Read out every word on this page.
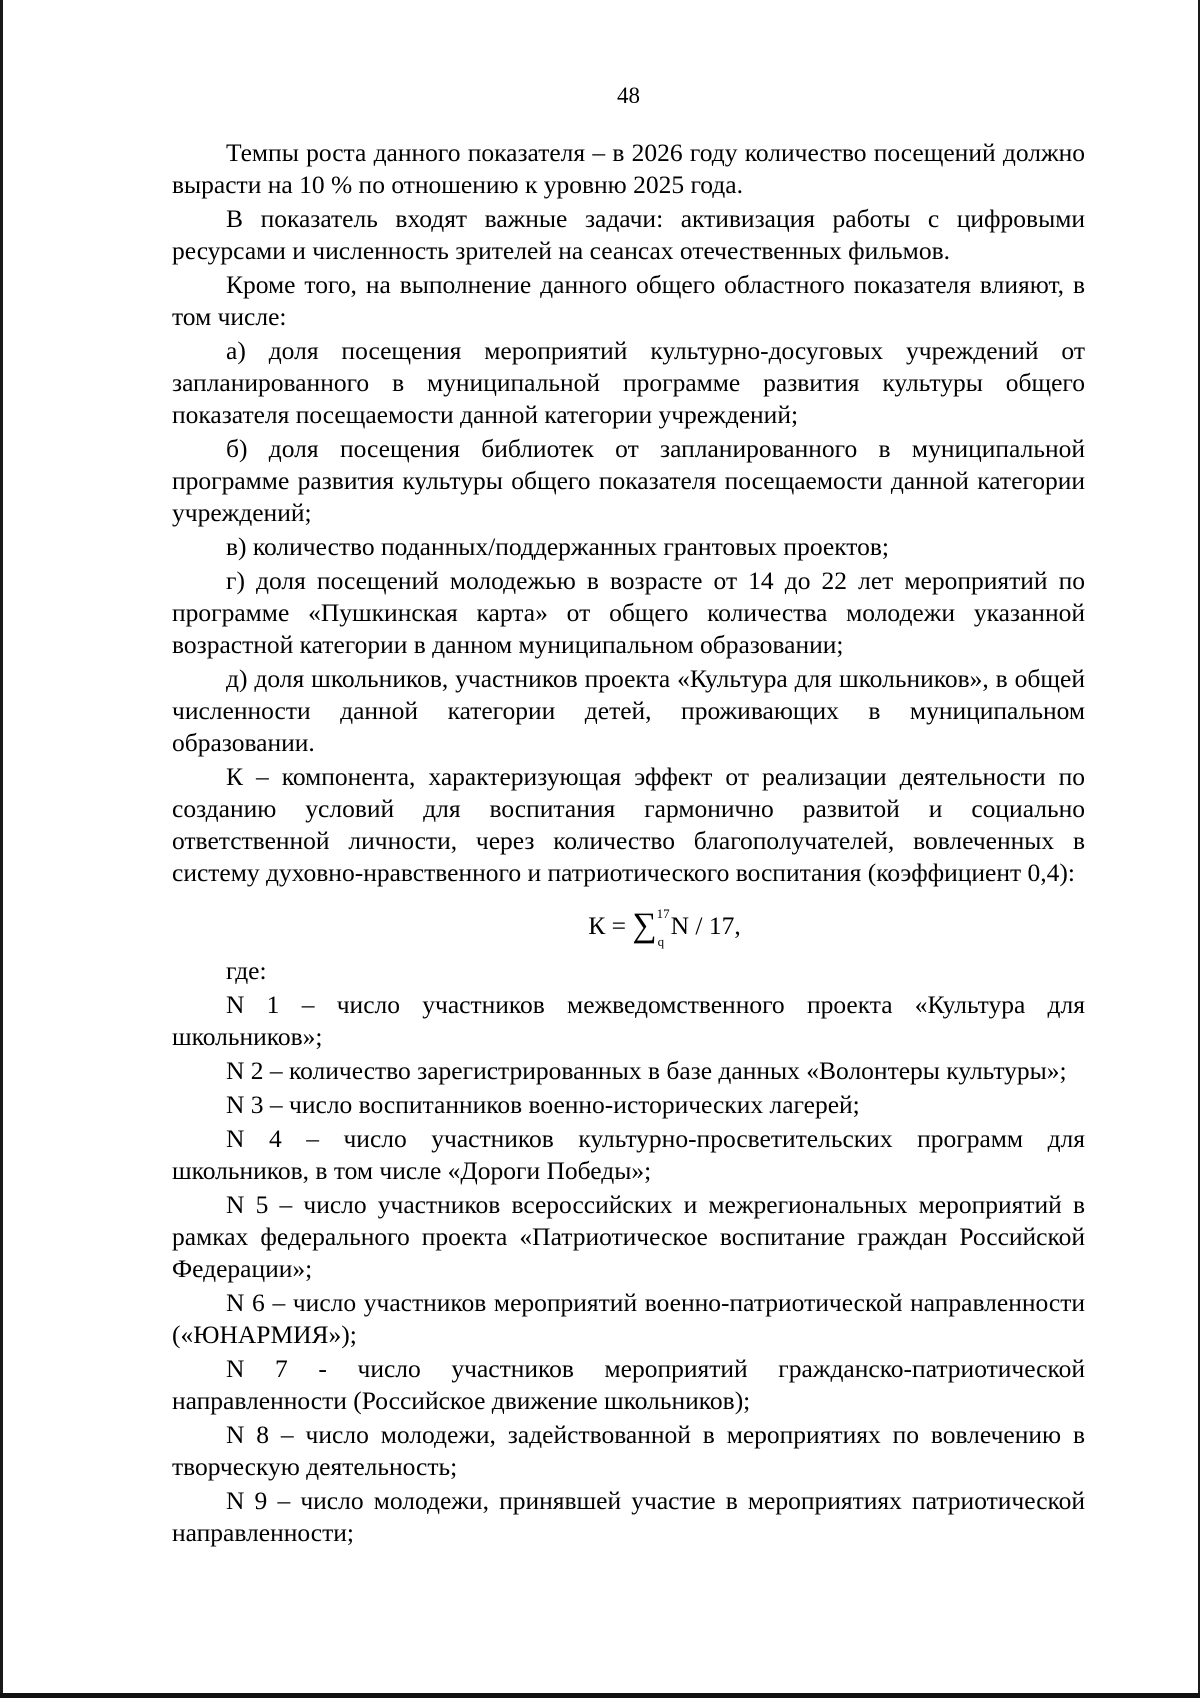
48

Темпы роста данного показателя – в 2026 году количество посещений должно вырасти на 10 % по отношению к уровню 2025 года.

В показатель входят важные задачи: активизация работы с цифровыми ресурсами и численность зрителей на сеансах отечественных фильмов.

Кроме того, на выполнение данного общего областного показателя влияют, в том числе:

а) доля посещения мероприятий культурно-досуговых учреждений от запланированного в муниципальной программе развития культуры общего показателя посещаемости данной категории учреждений;

б) доля посещения библиотек от запланированного в муниципальной программе развития культуры общего показателя посещаемости данной категории учреждений;

в) количество поданных/поддержанных грантовых проектов;

г) доля посещений молодежью в возрасте от 14 до 22 лет мероприятий по программе «Пушкинская карта» от общего количества молодежи указанной возрастной категории в данном муниципальном образовании;

д) доля школьников, участников проекта «Культура для школьников», в общей численности данной категории детей, проживающих в муниципальном образовании.

К – компонента, характеризующая эффект от реализации деятельности по созданию условий для воспитания гармонично развитой и социально ответственной личности, через количество благополучателей, вовлеченных в систему духовно-нравственного и патриотического воспитания (коэффициент 0,4):

К = ∑ 17
q
N / 17,

где:

N 1 – число участников межведомственного проекта «Культура для школьников»;

N 2 – количество зарегистрированных в базе данных «Волонтеры культуры»;

N 3 – число воспитанников военно-исторических лагерей;

N 4 – число участников культурно-просветительских программ для школьников, в том числе «Дороги Победы»;

N 5 – число участников всероссийских и межрегиональных мероприятий в рамках федерального проекта «Патриотическое воспитание граждан Российской Федерации»;

N 6 – число участников мероприятий военно-патриотической направленности («ЮНАРМИЯ»);

N 7 - число участников мероприятий гражданско-патриотической направленности (Российское движение школьников);

N 8 – число молодежи, задействованной в мероприятиях по вовлечению в творческую деятельность;

N 9 – число молодежи, принявшей участие в мероприятиях патриотической направленности;
